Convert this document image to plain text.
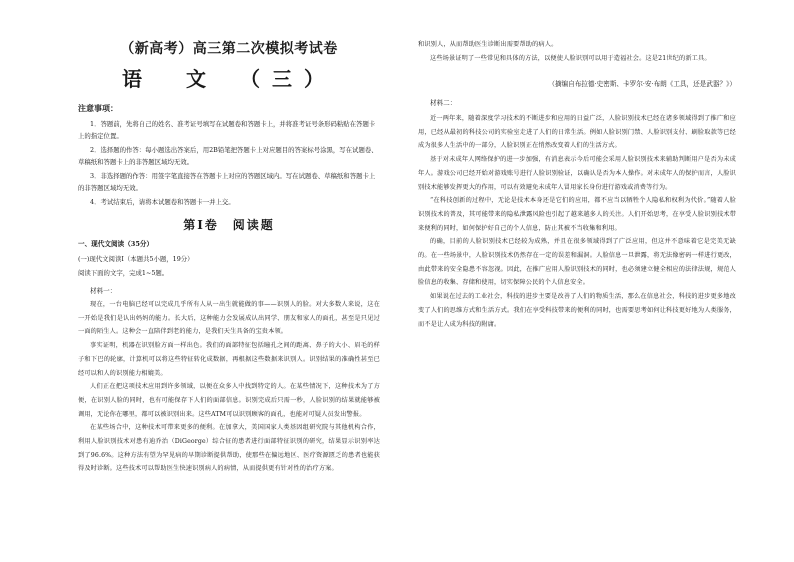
（新高考）高三第二次模拟考试卷
语　文　（三）
注意事项：
1．答题前，先将自己的姓名、准考证号填写在试题卷和答题卡上，并将准考证号条形码粘贴在答题卡上的指定位置。
2．选择题的作答：每小题选出答案后，用2B铅笔把答题卡上对应题目的答案标号涂黑，写在试题卷、草稿纸和答题卡上的非答题区域均无效。
3．非选择题的作答：用签字笔直接答在答题卡上对应的答题区域内。写在试题卷、草稿纸和答题卡上的非答题区域均无效。
4．考试结束后，请将本试题卷和答题卡一并上交。
第Ⅰ卷　阅读题
一、现代文阅读（35分）
(一)现代文阅读Ⅰ（本题共5小题，19分）
阅读下面的文字，完成1~5题。
材料一：

现在，一台电脑已经可以完成几乎所有人从一出生就能做的事——识别人的脸。对大多数人来说，这在一开始是我们是认出妈妈的能力。长大后，这种能力会发展成认出同学、朋友和家人的面孔，甚至是只见过一面的陌生人。这种会一直陪伴到老的能力，是我们天生具备的宝贵本领。

事实证明，机器在识别脸方面一样出色。我们的面部特征包括瞳孔之间的距离、鼻子的大小、眉毛的样子和下巴的轮廓，计算机可以将这些特征转化成数据，再根据这些数据来识别人。识别结果的准确性甚至已经可以和人的识别能力相媲美。

人们正在把这项技术应用到许多领域，以便在众多人中找到特定的人。在某些情况下，这种技术为了方便，在识别人脸的同时，也有可能保存下人们的面部信息。识别完成后只需一秒，人脸识别的结果就能够被调用，无论你在哪里，都可以被识别出来。这些ATM可以识别顾客的面孔，也能对可疑人员发出警报。

在某些场合中，这种技术可带来更多的便利。在加拿大，美国国家人类基因组研究院与其他机构合作，利用人脸识别技术对患有迪乔治（DiGeorge）综合征的患者进行面部特征识别的研究，结果显示识别率达到了96.6%。这种方法有望为罕见病的早期诊断提供帮助，使那些在偏远地区、医疗资源匮乏的患者也能获得及时诊断。这些技术可以帮助医生快速识别病人的病情，从而提供更有针对性的治疗方案。

和识别人，从而帮助医生诊断出需要帮助的病人。

这些场景证明了一些常见和具体的方法，以便使人脸识别可以用于造福社会。这是21世纪的新工具。

（摘编自布拉德·史密斯、卡罗尔·安·布朗《工具，还是武器？》）
材料二：

近一两年来，随着深度学习技术的不断进步和应用的日益广泛，人脸识别技术已经在诸多领域得到了推广和应用，已经从最初的科技公司的实验室走进了人们的日常生活。例如人脸识别门禁、人脸识别支付、刷脸取款等已经成为很多人生活中的一部分，人脸识别正在悄然改变着人们的生活方式。

基于对未成年人网络保护的进一步加强，有消息表示今后可能会采用人脸识别技术来辅助判断用户是否为未成年人。游戏公司已经开始对游戏账号进行人脸识别验证，以确认是否为本人操作。对未成年人的保护而言，人脸识别技术能够发挥更大的作用，可以有效避免未成年人冒用家长身份进行游戏或消费等行为。

“在科技创新的过程中，无论是技术本身还是它们的应用，都不应当以牺牲个人隐私和权利为代价。”随着人脸识别技术的普及，其可能带来的隐私泄露风险也引起了越来越多人的关注。人们开始思考，在享受人脸识别技术带来便利的同时，如何保护好自己的个人信息，防止其被不当收集和利用。

的确，目前的人脸识别技术已经较为成熟，并且在很多领域得到了广泛应用，但这并不意味着它是完美无缺的。在一些场景中，人脸识别技术仍然存在一定的误差和漏洞。人脸信息一旦泄露，将无法像密码一样进行更改，由此带来的安全隐患不容忽视。因此，在推广应用人脸识别技术的同时，也必须建立健全相应的法律法规，规范人脸信息的收集、存储和使用，切实保障公民的个人信息安全。

如果说在过去的工业社会，科技的进步主要是改善了人们的物质生活，那么在信息社会，科技的进步更多地改变了人们的思维方式和生活方式。我们在享受科技带来的便利的同时，也需要思考如何让科技更好地为人类服务，而不是让人成为科技的附庸。
